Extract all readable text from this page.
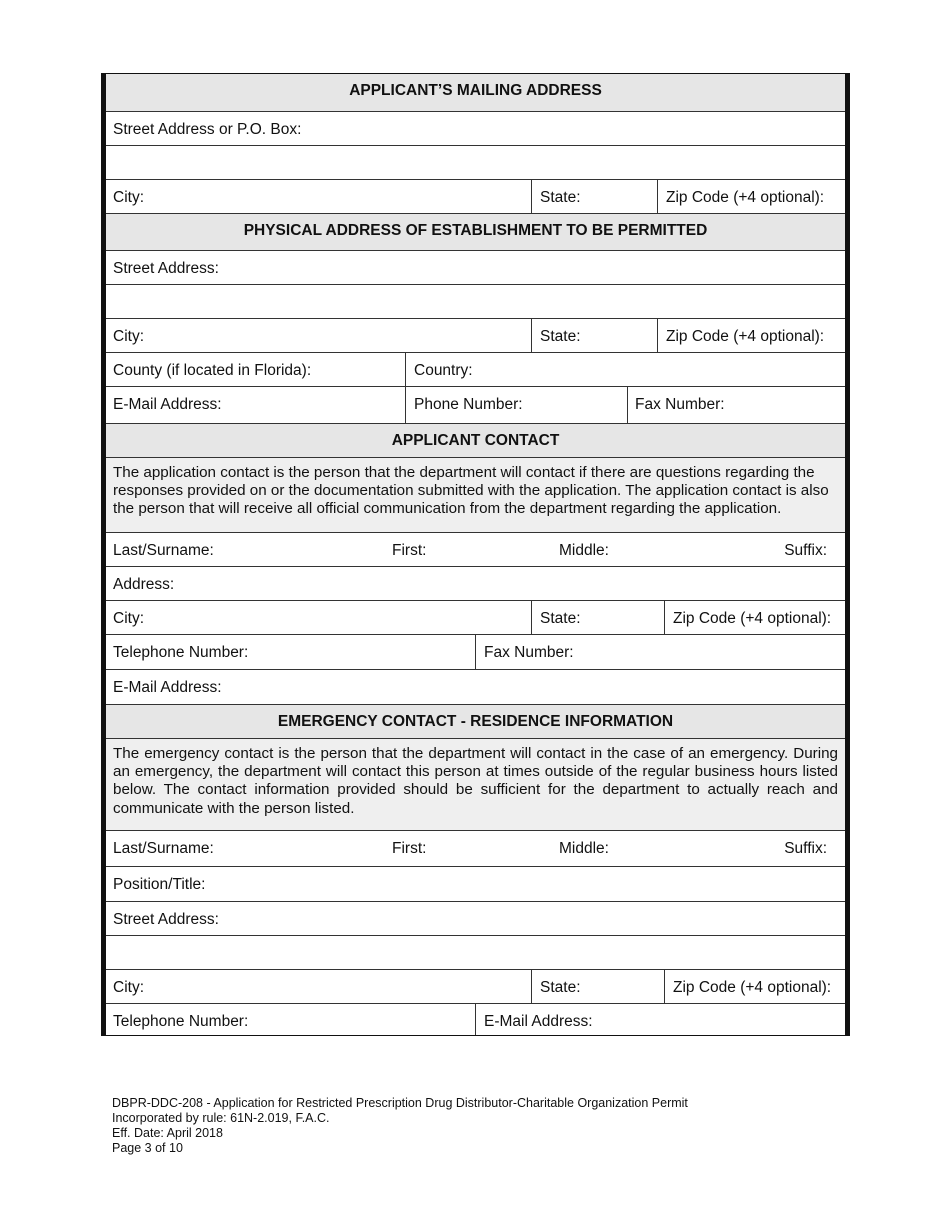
APPLICANT’S MAILING ADDRESS
Street Address or P.O. Box:
City:	State:	Zip Code (+4 optional):
PHYSICAL ADDRESS OF ESTABLISHMENT TO BE PERMITTED
Street Address:
City:	State:	Zip Code (+4 optional):
County (if located in Florida):	Country:
E-Mail Address:	Phone Number:	Fax Number:
APPLICANT CONTACT
The application contact is the person that the department will contact if there are questions regarding the responses provided on or the documentation submitted with the application. The application contact is also the person that will receive all official communication from the department regarding the application.
Last/Surname:	First:	Middle:	Suffix:
Address:
City:	State:	Zip Code (+4 optional):
Telephone Number:	Fax Number:
E-Mail Address:
EMERGENCY CONTACT - RESIDENCE INFORMATION
The emergency contact is the person that the department will contact in the case of an emergency. During an emergency, the department will contact this person at times outside of the regular business hours listed below. The contact information provided should be sufficient for the department to actually reach and communicate with the person listed.
Last/Surname:	First:	Middle:	Suffix:
Position/Title:
Street Address:
City:	State:	Zip Code (+4 optional):
Telephone Number:	E-Mail Address:
DBPR-DDC-208 - Application for Restricted Prescription Drug Distributor-Charitable Organization Permit
Incorporated by rule: 61N-2.019, F.A.C.
Eff. Date: April 2018
Page 3 of 10
